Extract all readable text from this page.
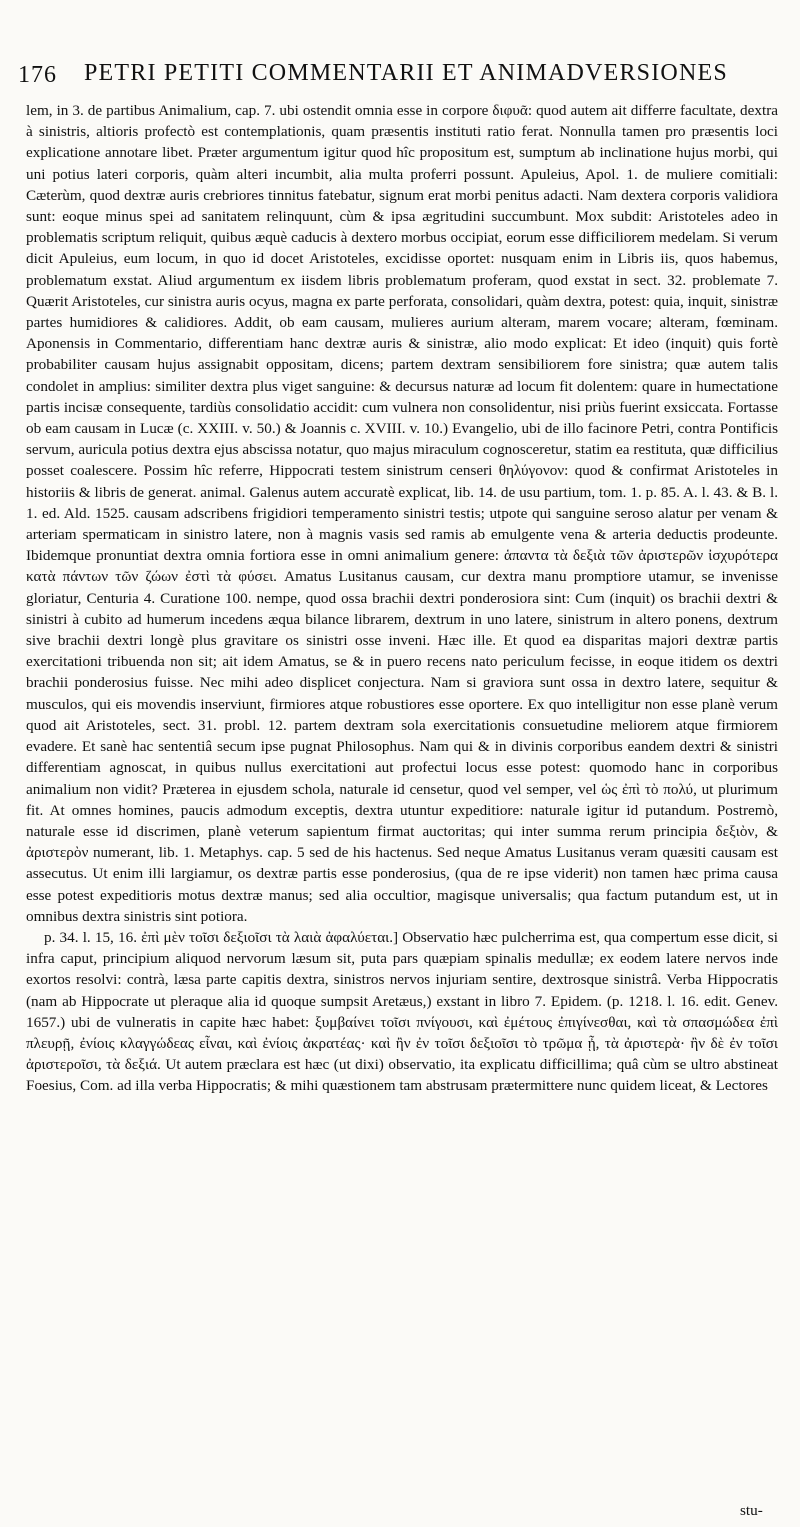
176 PETRI PETITI COMMENTARII ET ANIMADVERSIONES

lem, in 3. de partibus Animalium, cap. 7. ubi ostendit omnia esse in corpore διφυᾶ: quod autem ait differre facultate, dextra à sinistris, altioris profectò est contemplationis, quam præsentis instituti ratio ferat. Nonnulla tamen pro præsentis loci explicatione annotare libet. Præter argumentum igitur quod hîc propositum est, sumptum ab inclinatione hujus morbi, qui uni potius lateri corporis, quàm alteri incumbit, alia multa proferri possunt. Apuleius, Apol. 1. de muliere comitiali: Cæterùm, quod dextræ auris crebriores tinnitus fatebatur, signum erat morbi penitus adacti. Nam dextera corporis validiora sunt: eoque minus spei ad sanitatem relinquunt, cùm & ipsa ægritudini succumbunt. Mox subdit: Aristoteles adeo in problematis scriptum reliquit, quibus æquè caducis à dextero morbus occipiat, eorum esse difficiliorem medelam. Si verum dicit Apuleius, eum locum, in quo id docet Aristoteles, excidisse oportet: nusquam enim in Libris iis, quos habemus, problematum exstat. Aliud argumentum ex iisdem libris problematum proferam, quod exstat in sect. 32. problemate 7. Quærit Aristoteles, cur sinistra auris ocyus, magna ex parte perforata, consolidari, quàm dextra, potest: quia, inquit, sinistræ partes humidiores & calidiores. Addit, ob eam causam, mulieres aurium alteram, marem vocare; alteram, fœminam. Aponensis in Commentario, differentiam hanc dextræ auris & sinistræ, alio modo explicat: Et ideo (inquit) quis fortè probabiliter causam hujus assignabit oppositam, dicens; partem dextram sensibiliorem fore sinistra; quæ autem talis condolet in amplius: similiter dextra plus viget sanguine: & decursus naturæ ad locum fit dolentem: quare in humectatione partis incisæ consequente, tardiùs consolidatio accidit: cum vulnera non consolidentur, nisi priùs fuerint exsiccata. Fortasse ob eam causam in Lucæ (c. XXIII. v. 50.) & Joannis c. XVIII. v. 10.) Evangelio, ubi de illo facinore Petri, contra Pontificis servum, auricula potius dextra ejus abscissa notatur, quo majus miraculum cognosceretur, statim ea restituta, quæ difficilius posset coalescere. Possim hîc referre, Hippocrati testem sinistrum censeri θηλύγονον: quod & confirmat Aristoteles in historiis & libris de generat. animal. Galenus autem accuratè explicat, lib. 14. de usu partium, tom. 1. p. 85. A. l. 43. & B. l. 1. ed. Ald. 1525. causam adscribens frigidiori temperamento sinistri testis; utpote qui sanguine seroso alatur per venam & arteriam spermaticam in sinistro latere, non à magnis vasis sed ramis ab emulgente vena & arteria deductis prodeunte. Ibidemque pronuntiat dextra omnia fortiora esse in omni animalium genere: ἁπαντα τὰ δεξιὰ τῶν ἀριστερῶν ἰσχυρότερα κατὰ πάντων τῶν ζώων ἐστὶ τὰ φύσει. Amatus Lusitanus causam, cur dextra manu promptiore utamur, se invenisse gloriatur, Centuria 4. Curatione 100. nempe, quod ossa brachii dextri ponderosiora sint: Cum (inquit) os brachii dextri & sinistri à cubito ad humerum incedens æqua bilance librarem, dextrum in uno latere, sinistrum in altero ponens, dextrum sive brachii dextri longè plus gravitare os sinistri osse inveni. Hæc ille. Et quod ea disparitas majori dextræ partis exercitationi tribuenda non sit; ait idem Amatus, se & in puero recens nato periculum fecisse, in eoque itidem os dextri brachii ponderosius fuisse. Nec mihi adeo displicet conjectura. Nam si graviora sunt ossa in dextro latere, sequitur & musculos, qui eis movendis inserviunt, firmiores atque robustiores esse oportere. Ex quo intelligitur non esse planè verum quod ait Aristoteles, sect. 31. probl. 12. partem dextram sola exercitationis consuetudine meliorem atque firmiorem evadere. Et sanè hac sententiâ secum ipse pugnat Philosophus. Nam qui & in divinis corporibus eandem dextri & sinistri differentiam agnoscat, in quibus nullus exercitationi aut profectui locus esse potest: quomodo hanc in corporibus animalium non vidit? Præterea in ejusdem schola, naturale id censetur, quod vel semper, vel ὡς ἐπὶ τὸ πολύ, ut plurimum fit. At omnes homines, paucis admodum exceptis, dextra utuntur expeditiore: naturale igitur id putandum. Postremò, naturale esse id discrimen, planè veterum sapientum firmat auctoritas; qui inter summa rerum principia δεξιὸν, & ἀριστερὸν numerant, lib. 1. Metaphys. cap. 5 sed de his hactenus. Sed neque Amatus Lusitanus veram quæsiti causam est assecutus. Ut enim illi largiamur, os dextræ partis esse ponderosius, (qua de re ipse viderit) non tamen hæc prima causa esse potest expeditioris motus dextræ manus; sed alia occultior, magisque universalis; qua factum putandum est, ut in omnibus dextra sinistris sint potiora.

p. 34. l. 15, 16. ἐπὶ μὲν τοῖσι δεξιοῖσι τὰ λαιὰ ἀφαλύεται.] Observatio hæc pulcherrima est, qua compertum esse dicit, si infra caput, principium aliquod nervorum læsum sit, puta pars quæpiam spinalis medullæ; ex eodem latere nervos inde exortos resolvi: contrà, læsa parte capitis dextra, sinistros nervos injuriam sentire, dextrosque sinistrâ. Verba Hippocratis (nam ab Hippocrate ut pleraque alia id quoque sumpsit Aretæus,) exstant in libro 7. Epidem. (p. 1218. l. 16. edit. Genev. 1657.) ubi de vulneratis in capite hæc habet: ξυμβαίνει τοῖσι πνίγουσι, καὶ ἐμέτους ἐπιγίνεσθαι, καὶ τὰ σπασμώδεα ἐπὶ πλευρῇ, ἐνίοις κλαγγώδεας εἶναι, καὶ ἐνίοις ἀκρατέας· καὶ ἢν ἐν τοῖσι δεξιοῖσι τὸ τρῶμα ᾖ, τὰ ἀριστερὰ· ἢν δὲ ἐν τοῖσι ἀριστεροῖσι, τὰ δεξιά. Ut autem præclara est hæc (ut dixi) observatio, ita explicatu difficillima; quâ cùm se ultro abstineat Foesius, Com. ad illa verba Hippocratis; & mihi quæstionem tam abstrusam prætermittere nunc quidem liceat, & Lectores

stu-
